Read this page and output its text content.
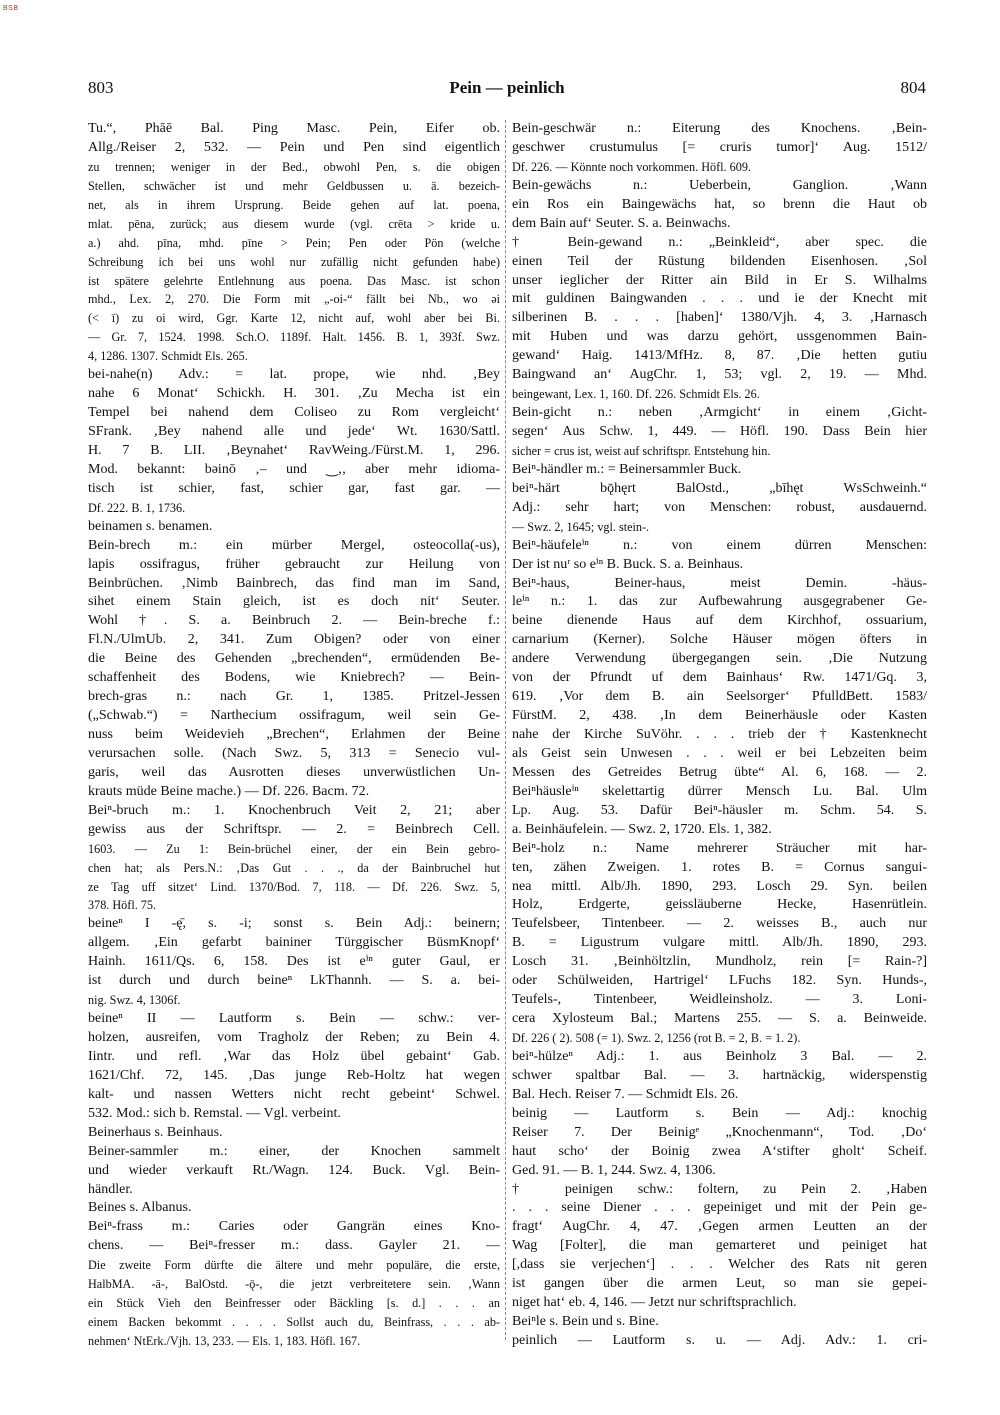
BSB
803	Pein — peinlich	804
Tu.“, Phāē Bal. Ping Masc. Pein, Eifer ob.
Allg./Reiser 2, 532. — Pein und Pen sind eigentlich
zu trennen; weniger in der Bed., obwohl Pen, s. die obigen
Stellen, schwächer ist und mehr Geldbussen u. ä. bezeich-
net, als in ihrem Ursprung. Beide gehen auf lat. poena,
mlat. pēna, zurück; aus diesem wurde (vgl. crēta > kride u.
a.) ahd. pīna, mhd. pīne > Pein; Pen oder Pön (welche
Schreibung ich bei uns wohl nur zufällig nicht gefunden habe)
ist spätere gelehrte Entlehnung aus poena. Das Masc. ist schon
mhd., Lex. 2, 270. Die Form mit „-oi-“ fällt bei Nb., wo əi
(< ī) zu oi wird, Ggr. Karte 12, nicht auf, wohl aber bei Bi.
— Gr. 7, 1524. 1998. Sch.O. 1189f. Halt. 1456. B. 1, 393f. Swz.
4, 1286. 1307. Schmidt Els. 265.
bei-nahe(n) Adv.: = lat. prope, wie nhd. ‚Bey
nahe 6 Monat‘ Schickh. H. 301. ‚Zu Mecha ist ein
Tempel bei nahend dem Coliseo zu Rom vergleicht‘
SFrank. ‚Bey nahend alle und jede‘ Wt. 1630/Sattl.
H. 7 B. LII. ‚Beynahet‘ RavWeing./Fürst.M. 1, 296.
Mod. bekannt: bəinō ‚– und ‿‚, aber mehr idioma-
tisch ist schier, fast, schier gar, fast gar. —
Df. 222. B. 1, 1736.
beinamen s. benamen.
Bein-brech m.: ein mürber Mergel, osteocolla(-us),
lapis ossifragus, früher gebraucht zur Heilung von
Beinbrüchen. ‚Nimb Bainbrech, das find man im Sand,
sihet einem Stain gleich, ist es doch nit‘ Seuter.
Wohl †. S. a. Beinbruch 2. — Bein-breche f.:
Fl.N./UlmUb. 2, 341. Zum Obigen? oder von einer
die Beine des Gehenden „brechenden“, ermüdenden Be-
schaffenheit des Bodens, wie Kniebrech? — Bein-
brech-gras n.: nach Gr. 1, 1385. Pritzel-Jessen
(„Schwab.“) = Narthecium ossifragum, weil sein Ge-
nuss beim Weidevieh „Brechen“, Erlahmen der Beine
verursachen solle. (Nach Swz. 5, 313 = Senecio vul-
garis, weil das Ausrotten dieses unverwüstlichen Un-
krauts müde Beine mache.) — Df. 226. Bacm. 72.
Beiⁿ-bruch m.: 1. Knochenbruch Veit 2, 21; aber
gewiss aus der Schriftspr. — 2. = Beinbrech Cell.
1603. — Zu 1: Bein-brüchel einer, der ein Bein gebro-
chen hat; als Pers.N.: ‚Das Gut . . ., da der Bainbruchel hut
ze Tag uff sitzet‘ Lind. 1370/Bod. 7, 118. — Df. 226. Swz. 5,
378. Höfl. 75.
beineⁿ I -ę̄, s. -i; sonst s. Bein Adj.: beinern;
allgem. ‚Ein gefarbt baininer Türggischer BüsmKnopf‘
Hainh. 1611/Qs. 6, 158. Des ist eⁱⁿ guter Gaul, er
ist durch und durch beineⁿ LkThannh. — S. a. bei-
nig. Swz. 4, 1306f.
beineⁿ II — Lautform s. Bein — schw.: ver-
holzen, ausreifen, vom Tragholz der Reben; zu Bein 4.
Iintr. und refl. ‚War das Holz übel gebaint‘ Gab.
1621/Chf. 72, 145. ‚Das junge Reb-Holtz hat wegen
kalt- und nassen Wetters nicht recht gebeint‘ Schwel.
532. Mod.: sich b. Remstal. — Vgl. verbeint.
Beinerhaus s. Beinhaus.
Beiner-sammler m.: einer, der Knochen sammelt
und wieder verkauft Rt./Wagn. 124. Buck. Vgl. Bein-
händler.
Beines s. Albanus.
Beiⁿ-frass m.: Caries oder Gangrän eines Kno-
chens. — Beiⁿ-fresser m.: dass. Gayler 21. —
Die zweite Form dürfte die ältere und mehr populäre, die erste,
HalbMA. -ā-, BalOstd. -ǭ-, die jetzt verbreitetere sein. ‚Wann
ein Stück Vieh den Beinfresser oder Bäckling [s. d.] . . . an
einem Backen bekommt . . . . Sollst auch du, Beinfrass, . . . ab-
nehmen‘ NtErk./Vjh. 13, 233. — Els. 1, 183. Höfl. 167.
Bein-geschwär n.: Eiterung des Knochens. ‚Bein-
geschwer crustumulus [= cruris tumor]‘ Aug. 1512/
Df. 226. — Könnte noch vorkommen. Höfl. 609.
Bein-gewächs n.: Ueberbein, Ganglion. ‚Wann
ein Ros ein Baingewächs hat, so brenn die Haut ob
dem Bain auf‘ Seuter. S. a. Beinwachs.
† Bein-gewand n.: „Beinkleid“, aber spec. die
einen Teil der Rüstung bildenden Eisenhosen. ‚Sol
unser ieglicher der Ritter ain Bild in Er S. Wilhalms
mit guldinen Baingwanden . . . und ie der Knecht mit
silberinen B. . . . [haben]‘ 1380/Vjh. 4, 3. ‚Harnasch
mit Huben und was darzu gehört, ussgenommen Bain-
gewand‘ Haig. 1413/MfHz. 8, 87. ‚Die hetten gutiu
Baingwand an‘ AugChr. 1, 53; vgl. 2, 19. — Mhd.
beingewant, Lex. 1, 160. Df. 226. Schmidt Els. 26.
Bein-gicht n.: neben ‚Armgicht‘ in einem ‚Gicht-
segen‘ Aus Schw. 1, 449. — Höfl. 190. Dass Bein hier
sicher = crus ist, weist auf schriftspr. Entstehung hin.
Beiⁿ-händler m.: = Beinersammler Buck.
beiⁿ-härt bǭhęrt BalOstd., „bīhęt WsSchweinh.“
Adj.: sehr hart; von Menschen: robust, ausdauernd.
— Swz. 2, 1645; vgl. stein-.
Beiⁿ-häufeleⁱⁿ n.: von einem dürren Menschen:
Der ist nuʳ so eⁱⁿ B. Buck. S. a. Beinhaus.
Beiⁿ-haus, Beiner-haus, meist Demin. -häus-
leⁱⁿ n.: 1. das zur Aufbewahrung ausgegrabener Ge-
beine dienende Haus auf dem Kirchhof, ossuarium,
carnarium (Kerner). Solche Häuser mögen öfters in
andere Verwendung übergegangen sein. ‚Die Nutzung
von der Pfrundt uf dem Bainhaus‘ Rw. 1471/Gq. 3,
619. ‚Vor dem B. ain Seelsorger‘ PfulldBett. 1583/
FürstM. 2, 438. ‚In dem Beinerhäusle oder Kasten
nahe der Kirche SuVöhr. . . . trieb der † Kastenknecht
als Geist sein Unwesen . . . weil er bei Lebzeiten beim
Messen des Getreides Betrug übte“ Al. 6, 168. — 2.
Beiⁿhäusleⁱⁿ skelettartig dürrer Mensch Lu. Bal. Ulm
Lp. Aug. 53. Dafür Beiⁿ-häusler m. Schm. 54. S.
a. Beinhäufelein. — Swz. 2, 1720. Els. 1, 382.
Beiⁿ-holz n.: Name mehrerer Sträucher mit har-
ten, zähen Zweigen. 1. rotes B. = Cornus sangui-
nea mittl. Alb/Jh. 1890, 293. Losch 29. Syn. beilen
Holz, Erdgerte, geissläuberne Hecke, Hasenrütlein.
Teufelsbeer, Tintenbeer. — 2. weisses B., auch nur
B. = Ligustrum vulgare mittl. Alb/Jh. 1890, 293.
Losch 31. ‚Beinhöltzlin, Mundholz, rein [= Rain-?]
oder Schülweiden, Hartrigel‘ LFuchs 182. Syn. Hunds-,
Teufels-, Tintenbeer, Weidleinsholz. — 3. Loni-
cera Xylosteum Bal.; Martens 255. — S. a. Beinweide.
Df. 226 ( 2). 508 (= 1). Swz. 2, 1256 (rot B. = 2, B. = 1. 2).
beiⁿ-hülzeⁿ Adj.: 1. aus Beinholz 3 Bal. — 2.
schwer spaltbar Bal. — 3. hartnäckig, widerspenstig
Bal. Hech. Reiser 7. — Schmidt Els. 26.
beinig — Lautform s. Bein — Adj.: knochig
Reiser 7. Der Beinigᵉ „Knochenmann“, Tod. ‚Do‘
haut scho‘ der Boinig zwea A‘stifter gholt‘ Scheif.
Ged. 91. — B. 1, 244. Swz. 4, 1306.
† peinigen schw.: foltern, zu Pein 2. ‚Haben
. . . seine Diener . . . gepeiniget und mit der Pein ge-
fragt‘ AugChr. 4, 47. ‚Gegen armen Leutten an der
Wag [Folter], die man gemarteret und peiniget hat
[,dass sie verjechen‘] . . . Welcher des Rats nit geren
ist gangen über die armen Leut, so man sie gepei-
niget hat‘ eb. 4, 146. — Jetzt nur schriftsprachlich.
Beiⁿle s. Bein und s. Bine.
peinlich — Lautform s. u. — Adj. Adv.: 1. cri-
